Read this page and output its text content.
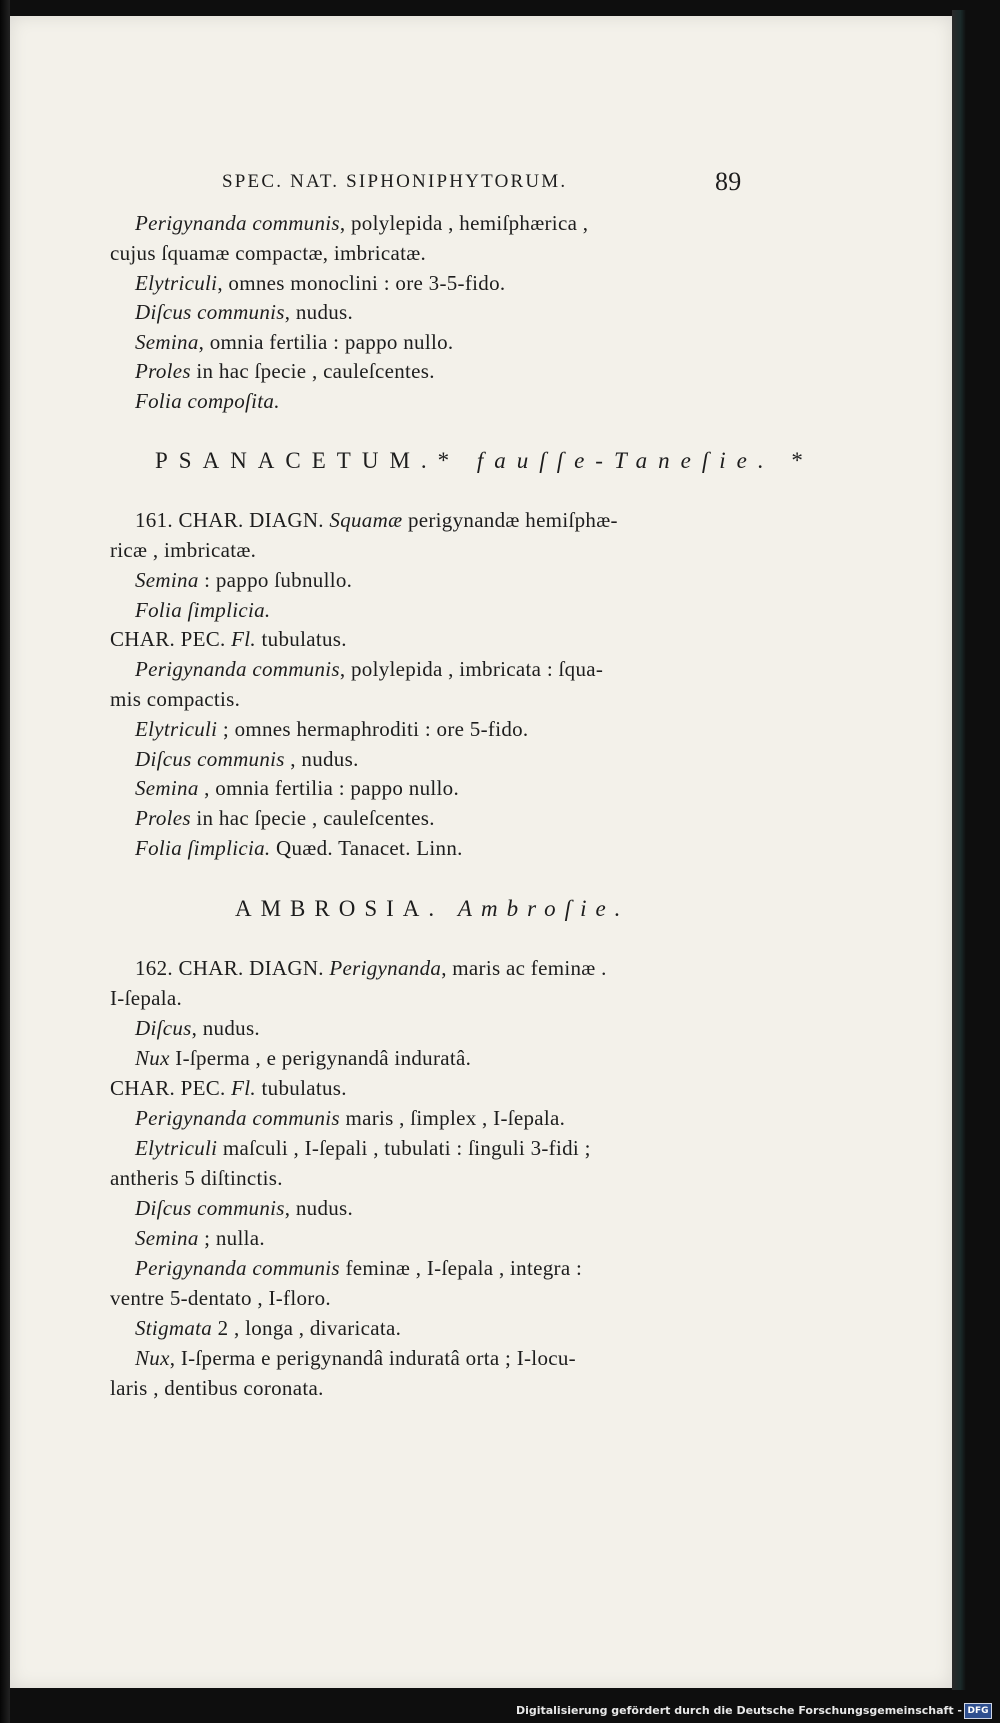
SPEC. NAT. SIPHONIPHYTORUM.	89
Perigynanda communis, polylepida , hemiſphærica ,
cujus ſquamæ compactæ, imbricatæ.
Elytriculi, omnes monoclini : ore 3-5-fido.
Diſcus communis, nudus.
Semina, omnia fertilia : pappo nullo.
Proles in hac ſpecie , cauleſcentes.
Folia compoſita.
PSANACETUM.* fauſſe-Taneſie. *
161. CHAR. DIAGN. Squamæ perigynandæ hemiſphæ-
ricæ , imbricatæ.
Semina : pappo ſubnullo.
Folia ſimplicia.
CHAR. PEC. Fl. tubulatus.
Perigynanda communis, polylepida , imbricata : ſqua-
mis compactis.
Elytriculi ; omnes hermaphroditi : ore 5-fido.
Diſcus communis , nudus.
Semina , omnia fertilia : pappo nullo.
Proles in hac ſpecie , cauleſcentes.
Folia ſimplicia. Quæd. Tanacet. Linn.
AMBROSIA. Ambroſie.
162. CHAR. DIAGN. Perigynanda, maris ac feminæ .
I-ſepala.
Diſcus, nudus.
Nux I-ſperma , e perigynandâ induratâ.
CHAR. PEC. Fl. tubulatus.
Perigynanda communis maris , ſimplex , I-ſepala.
Elytriculi maſculi , I-ſepali , tubulati : ſinguli 3-fidi ;
antheris 5 diſtinctis.
Diſcus communis, nudus.
Semina ; nulla.
Perigynanda communis feminæ , I-ſepala , integra :
ventre 5-dentato , I-floro.
Stigmata 2 , longa , divaricata.
Nux, I-ſperma e perigynandâ induratâ orta ; I-locu-
laris , dentibus coronata.
Digitalisierung gefördert durch die Deutsche Forschungsgemeinschaft - DFG
